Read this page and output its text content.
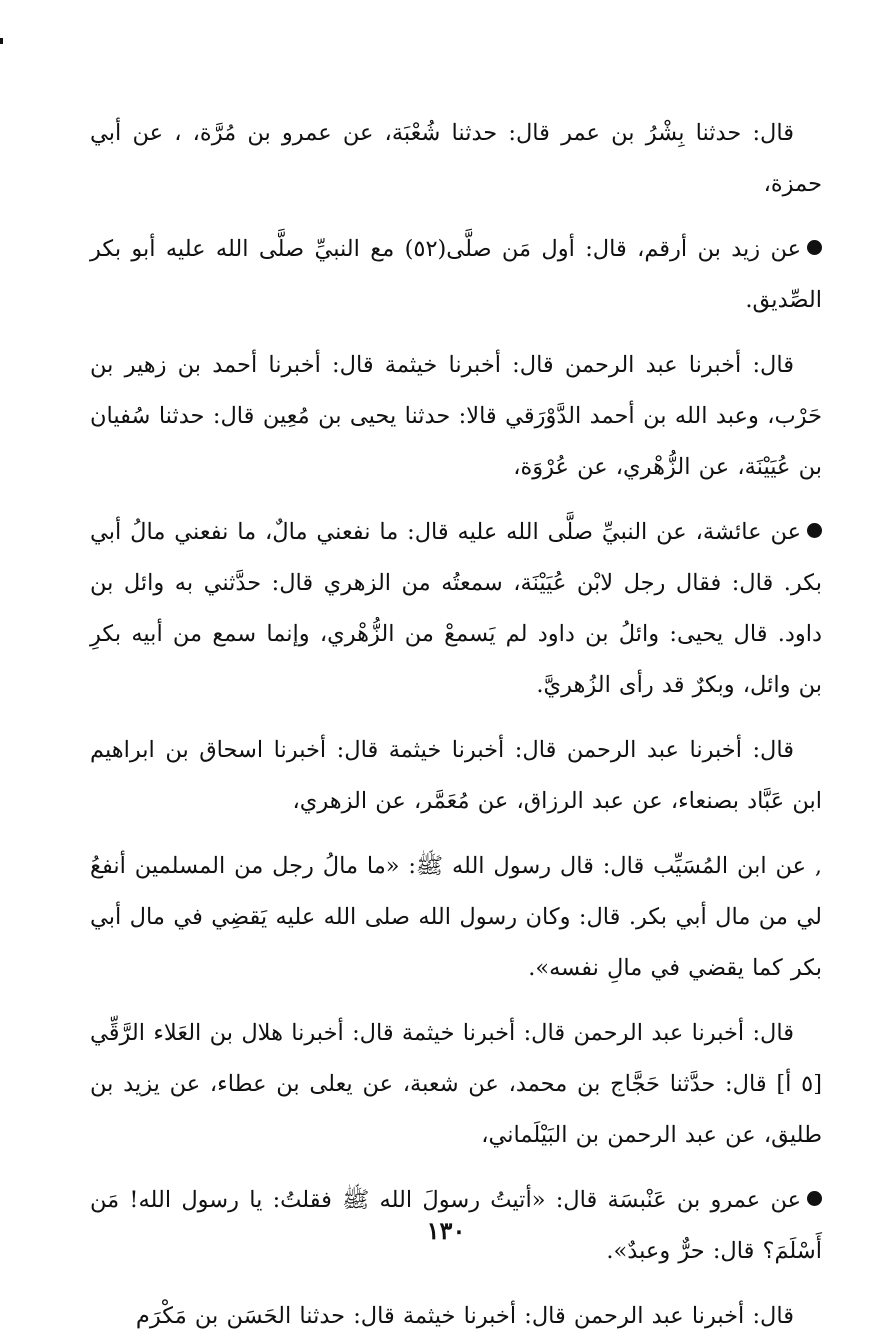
قال: حدثنا بِشْرُ بن عمر قال: حدثنا شُعْبَة، عن عمرو بن مُرَّة، ، عن أبي حمزة،

عن زيد بن أرقم، قال: أول مَن صلَّى(٥٢) مع النبيِّ صلَّى الله عليه أبو بكر الصِّديق.

قال: أخبرنا عبد الرحمن قال: أخبرنا خيثمة قال: أخبرنا أحمد بن زهير بن حَرْب، وعبد الله بن أحمد الدَّوْرَقي قالا: حدثنا يحيى بن مُعِين قال: حدثنا سُفيان بن عُيَيْنَة، عن الزُّهْري، عن عُرْوَة،

عن عائشة، عن النبيِّ صلَّى الله عليه قال: ما نفعني مالٌ، ما نفعني مالُ أبي بكر. قال: فقال رجل لابْن عُيَيْنَة، سمعتُه من الزهري قال: حدَّثني به وائل بن داود. قال يحيى: وائلُ بن داود لم يَسمعْ من الزُّهْري، وإنما سمع من أبيه بكرِ بن وائل، وبكرٌ قد رأى الزُهريَّ.

قال: أخبرنا عبد الرحمن قال: أخبرنا خيثمة قال: أخبرنا اسحاق بن ابراهيم ابن عَبَّاد بصنعاء، عن عبد الرزاق، عن مُعَمَّر، عن الزهري،

, عن ابن المُسَيِّب قال: قال رسول الله ﷺ: «ما مالُ رجل من المسلمين أنفعُ لي من مال أبي بكر. قال: وكان رسول الله صلى الله عليه يَقضِي في مال أبي بكر كما يقضي في مالِ نفسه».

قال: أخبرنا عبد الرحمن قال: أخبرنا خيثمة قال: أخبرنا هلال بن العَلاء الرَّقِّي [٥ أ] قال: حدَّثنا حَجَّاج بن محمد، عن شعبة، عن يعلى بن عطاء، عن يزيد بن طليق، عن عبد الرحمن بن البَيْلَماني،

عن عمرو بن عَنْبسَة قال: «أتيتُ رسولَ الله ﷺ فقلتُ: يا رسول الله! مَن أَسْلَمَ؟ قال: حرٌّ وعبدٌ».

قال: أخبرنا عبد الرحمن قال: أخبرنا خيثمة قال: حدثنا الحَسَن بن مَكْرَم

١٣٠
